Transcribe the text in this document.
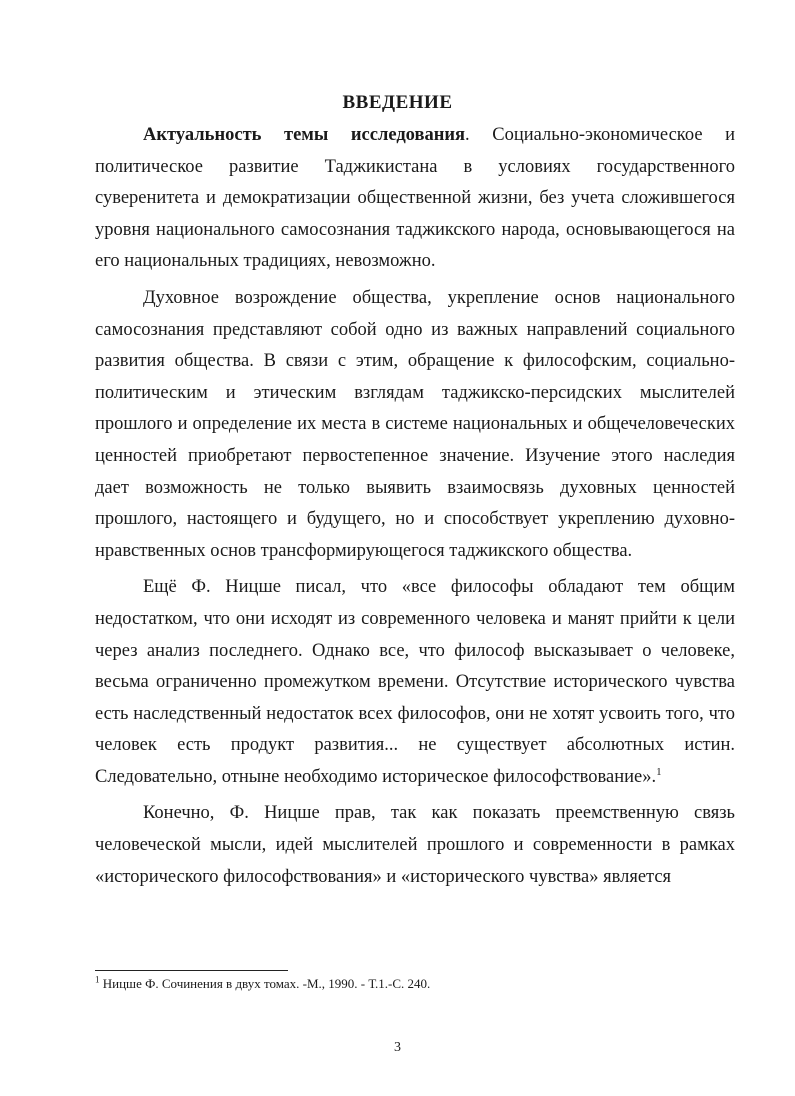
ВВЕДЕНИЕ

Актуальность темы исследования. Социально-экономическое и политическое развитие Таджикистана в условиях государственного суверенитета и демократизации общественной жизни, без учета сложившегося уровня национального самосознания таджикского народа, основывающегося на его национальных традициях, невозможно.

Духовное возрождение общества, укрепление основ национального самосознания представляют собой одно из важных направлений социального развития общества. В связи с этим, обращение к философским, социально-политическим и этическим взглядам таджикско-персидских мыслителей прошлого и определение их места в системе национальных и общечеловеческих ценностей приобретают первостепенное значение. Изучение этого наследия дает возможность не только выявить взаимосвязь духовных ценностей прошлого, настоящего и будущего, но и способствует укреплению духовно-нравственных основ трансформирующегося таджикского общества.

Ещё Ф. Ницше писал, что «все философы обладают тем общим недостатком, что они исходят из современного человека и манят прийти к цели через анализ последнего. Однако все, что философ высказывает о человеке, весьма ограниченно промежутком времени. Отсутствие исторического чувства есть наследственный недостаток всех философов, они не хотят усвоить того, что человек есть продукт развития... не существует абсолютных истин. Следовательно, отныне необходимо историческое философствование».$^1$

Конечно, Ф. Ницше прав, так как показать преемственную связь человеческой мысли, идей мыслителей прошлого и современности в рамках «исторического философствования» и «исторического чувства» является

$^1$ Ницше Ф. Сочинения в двух томах. -М., 1990. - Т.1.-С. 240.
3
